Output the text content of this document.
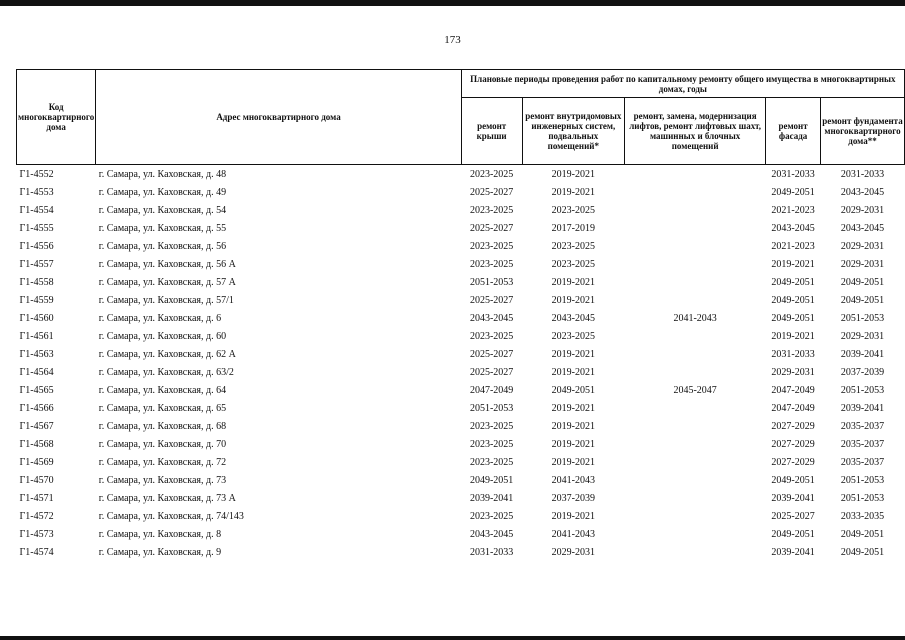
173
Код многоквартирного дома	Адрес многоквартирного дома	Плановые периоды проведения работ по капитальному ремонту общего имущества в многоквартирных домах, годы				
		ремонт крыши	ремонт внутридомовых инженерных систем, подвальных помещений*	ремонт, замена, модернизация лифтов, ремонт лифтовых шахт, машинных и блочных помещений	ремонт фасада	ремонт фундамента многоквартирного дома**
Г1-4552	г. Самара, ул. Каховская, д. 48	2023-2025	2019-2021		2031-2033	2031-2033
Г1-4553	г. Самара, ул. Каховская, д. 49	2025-2027	2019-2021		2049-2051	2043-2045
Г1-4554	г. Самара, ул. Каховская, д. 54	2023-2025	2023-2025		2021-2023	2029-2031
Г1-4555	г. Самара, ул. Каховская, д. 55	2025-2027	2017-2019		2043-2045	2043-2045
Г1-4556	г. Самара, ул. Каховская, д. 56	2023-2025	2023-2025		2021-2023	2029-2031
Г1-4557	г. Самара, ул. Каховская, д. 56 А	2023-2025	2023-2025		2019-2021	2029-2031
Г1-4558	г. Самара, ул. Каховская, д. 57 А	2051-2053	2019-2021		2049-2051	2049-2051
Г1-4559	г. Самара, ул. Каховская, д. 57/1	2025-2027	2019-2021		2049-2051	2049-2051
Г1-4560	г. Самара, ул. Каховская, д. 6	2043-2045	2043-2045	2041-2043	2049-2051	2051-2053
Г1-4561	г. Самара, ул. Каховская, д. 60	2023-2025	2023-2025		2019-2021	2029-2031
Г1-4563	г. Самара, ул. Каховская, д. 62 А	2025-2027	2019-2021		2031-2033	2039-2041
Г1-4564	г. Самара, ул. Каховская, д. 63/2	2025-2027	2019-2021		2029-2031	2037-2039
Г1-4565	г. Самара, ул. Каховская, д. 64	2047-2049	2049-2051	2045-2047	2047-2049	2051-2053
Г1-4566	г. Самара, ул. Каховская, д. 65	2051-2053	2019-2021		2047-2049	2039-2041
Г1-4567	г. Самара, ул. Каховская, д. 68	2023-2025	2019-2021		2027-2029	2035-2037
Г1-4568	г. Самара, ул. Каховская, д. 70	2023-2025	2019-2021		2027-2029	2035-2037
Г1-4569	г. Самара, ул. Каховская, д. 72	2023-2025	2019-2021		2027-2029	2035-2037
Г1-4570	г. Самара, ул. Каховская, д. 73	2049-2051	2041-2043		2049-2051	2051-2053
Г1-4571	г. Самара, ул. Каховская, д. 73 А	2039-2041	2037-2039		2039-2041	2051-2053
Г1-4572	г. Самара, ул. Каховская, д. 74/143	2023-2025	2019-2021		2025-2027	2033-2035
Г1-4573	г. Самара, ул. Каховская, д. 8	2043-2045	2041-2043		2049-2051	2049-2051
Г1-4574	г. Самара, ул. Каховская, д. 9	2031-2033	2029-2031		2039-2041	2049-2051
